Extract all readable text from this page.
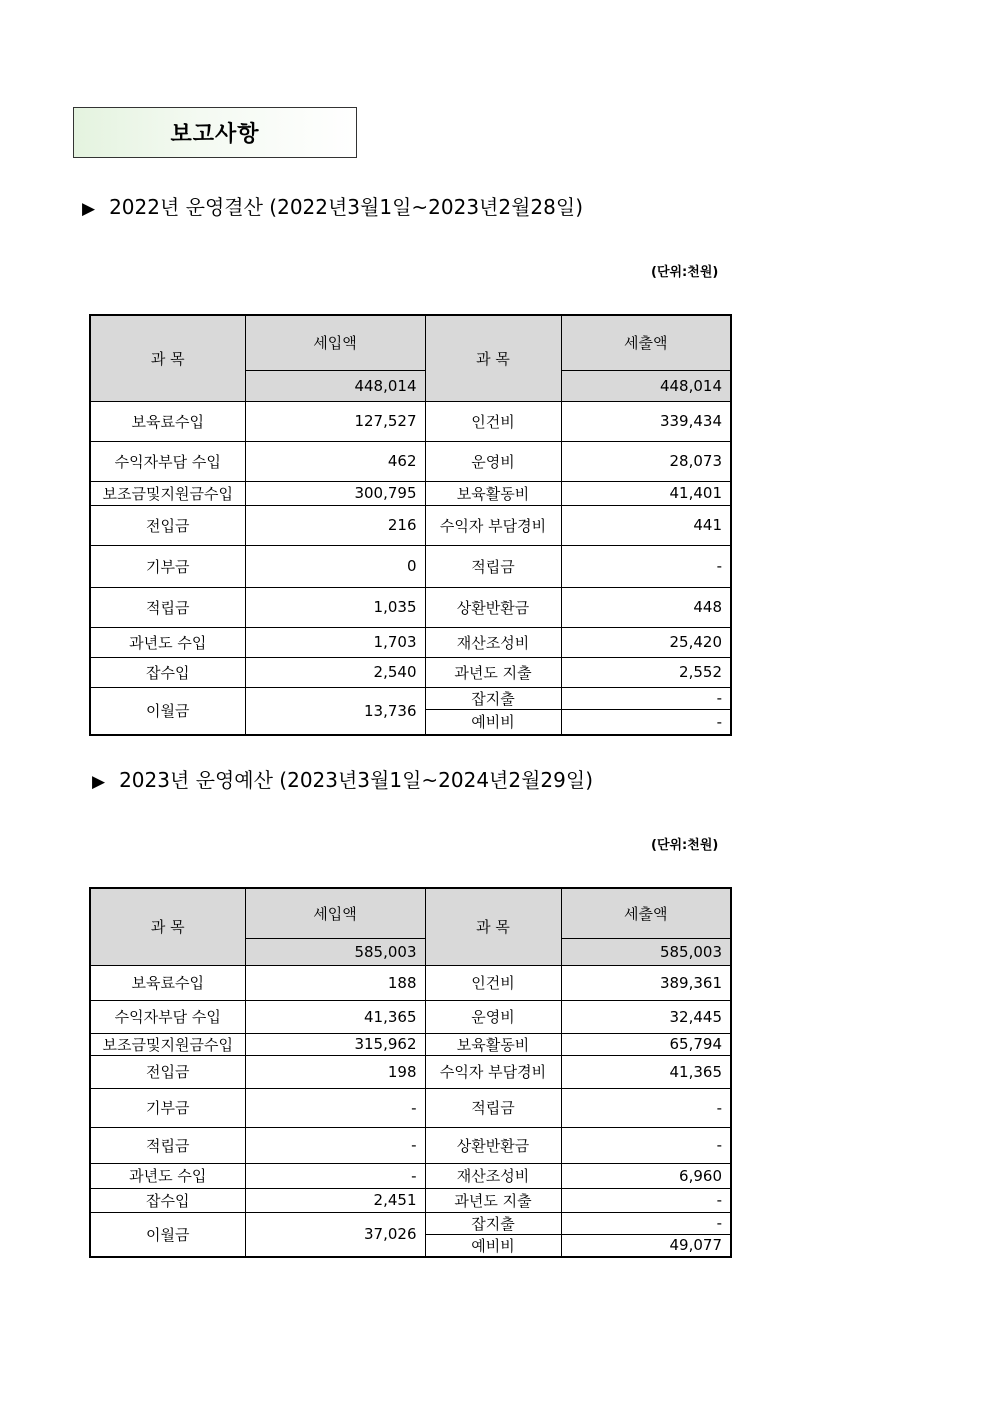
보고사항
▶ 2022년 운영결산 (2022년3월1일~2023년2월28일)
(단위:천원)
과 목	세입액	과 목	세출액
	448,014		448,014
보육료수입	127,527	인건비	339,434
수익자부담 수입	462	운영비	28,073
보조금및지원금수입	300,795	보육활동비	41,401
전입금	216	수익자 부담경비	441
기부금	0	적립금	-
적립금	1,035	상환반환금	448
과년도 수입	1,703	재산조성비	25,420
잡수입	2,540	과년도 지출	2,552
이월금	13,736	잡지출	-
		예비비	-
▶ 2023년 운영예산 (2023년3월1일~2024년2월29일)
(단위:천원)
과 목	세입액	과 목	세출액
	585,003		585,003
보육료수입	188	인건비	389,361
수익자부담 수입	41,365	운영비	32,445
보조금및지원금수입	315,962	보육활동비	65,794
전입금	198	수익자 부담경비	41,365
기부금	-	적립금	-
적립금	-	상환반환금	-
과년도 수입	-	재산조성비	6,960
잡수입	2,451	과년도 지출	-
이월금	37,026	잡지출	-
		예비비	49,077
